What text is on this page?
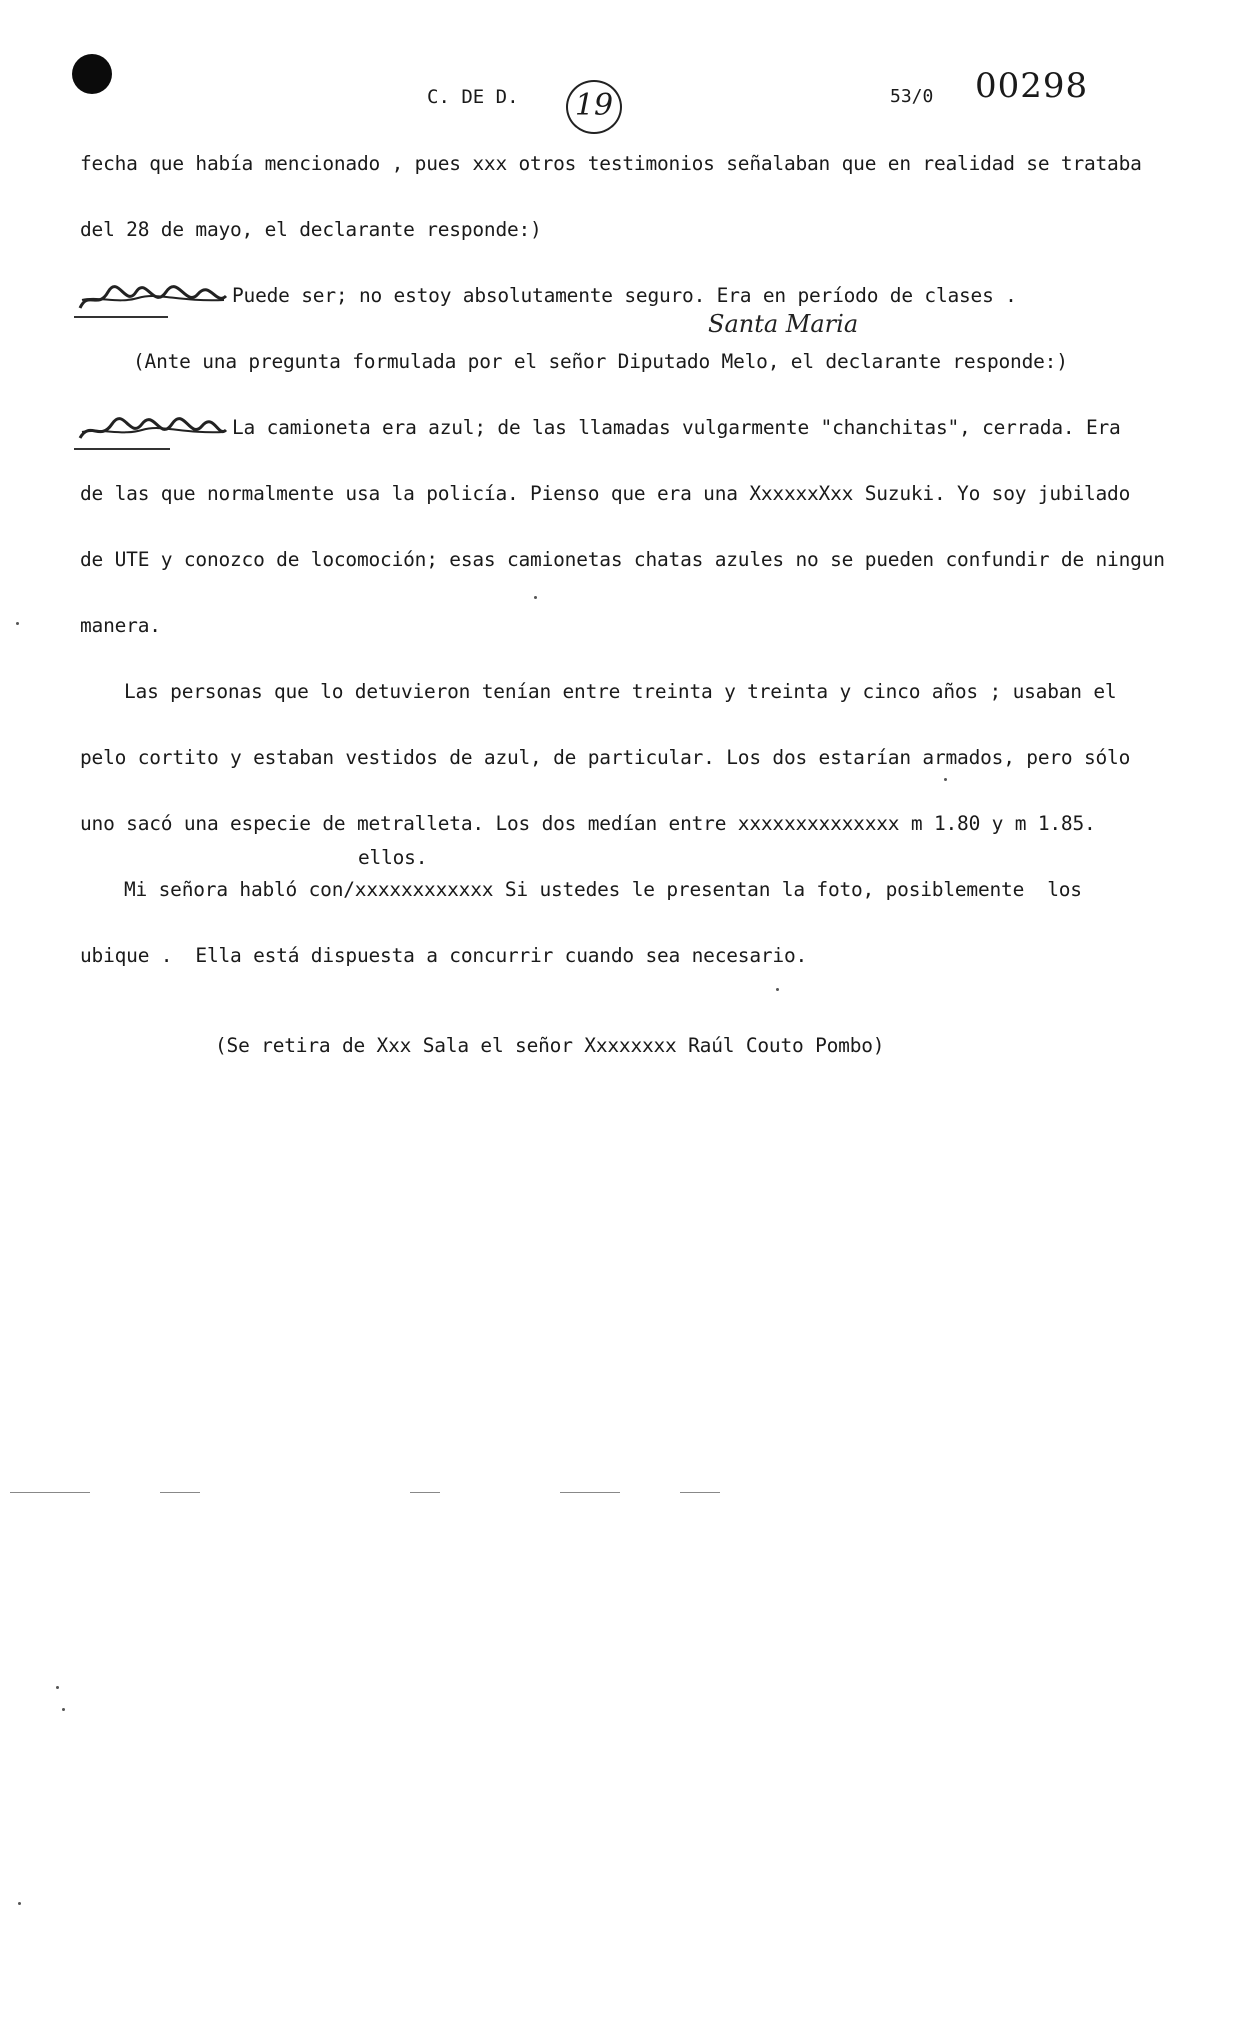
C. DE D. 19	53/0 00298
fecha que había mencionado , pues xxx otros testimonios señalaban que en realidad se trataba
del 28 de mayo, el declarante responde:)
Puede ser; no estoy absolutamente seguro. Era en período de clases .
Santa Maria
(Ante una pregunta formulada por el señor Diputado Melo, el declarante responde:)
La camioneta era azul; de las llamadas vulgarmente "chanchitas", cerrada. Era
de las que normalmente usa la policía. Pienso que era una XxxxxxXxx Suzuki. Yo soy jubilado
de UTE y conozco de locomoción; esas camionetas chatas azules no se pueden confundir de ningun
manera.
Las personas que lo detuvieron tenían entre treinta y treinta y cinco años ; usaban el
pelo cortito y estaban vestidos de azul, de particular. Los dos estarían armados, pero sólo
uno sacó una especie de metralleta. Los dos medían entre xxxxxxxxxxxxxx m 1.80 y m 1.85.
ellos.
Mi señora habló con/xxxxxxxxxxxx Si ustedes le presentan la foto, posiblemente  los
ubique .  Ella está dispuesta a concurrir cuando sea necesario.
(Se retira de Xxx Sala el señor Xxxxxxxx Raúl Couto Pombo)
